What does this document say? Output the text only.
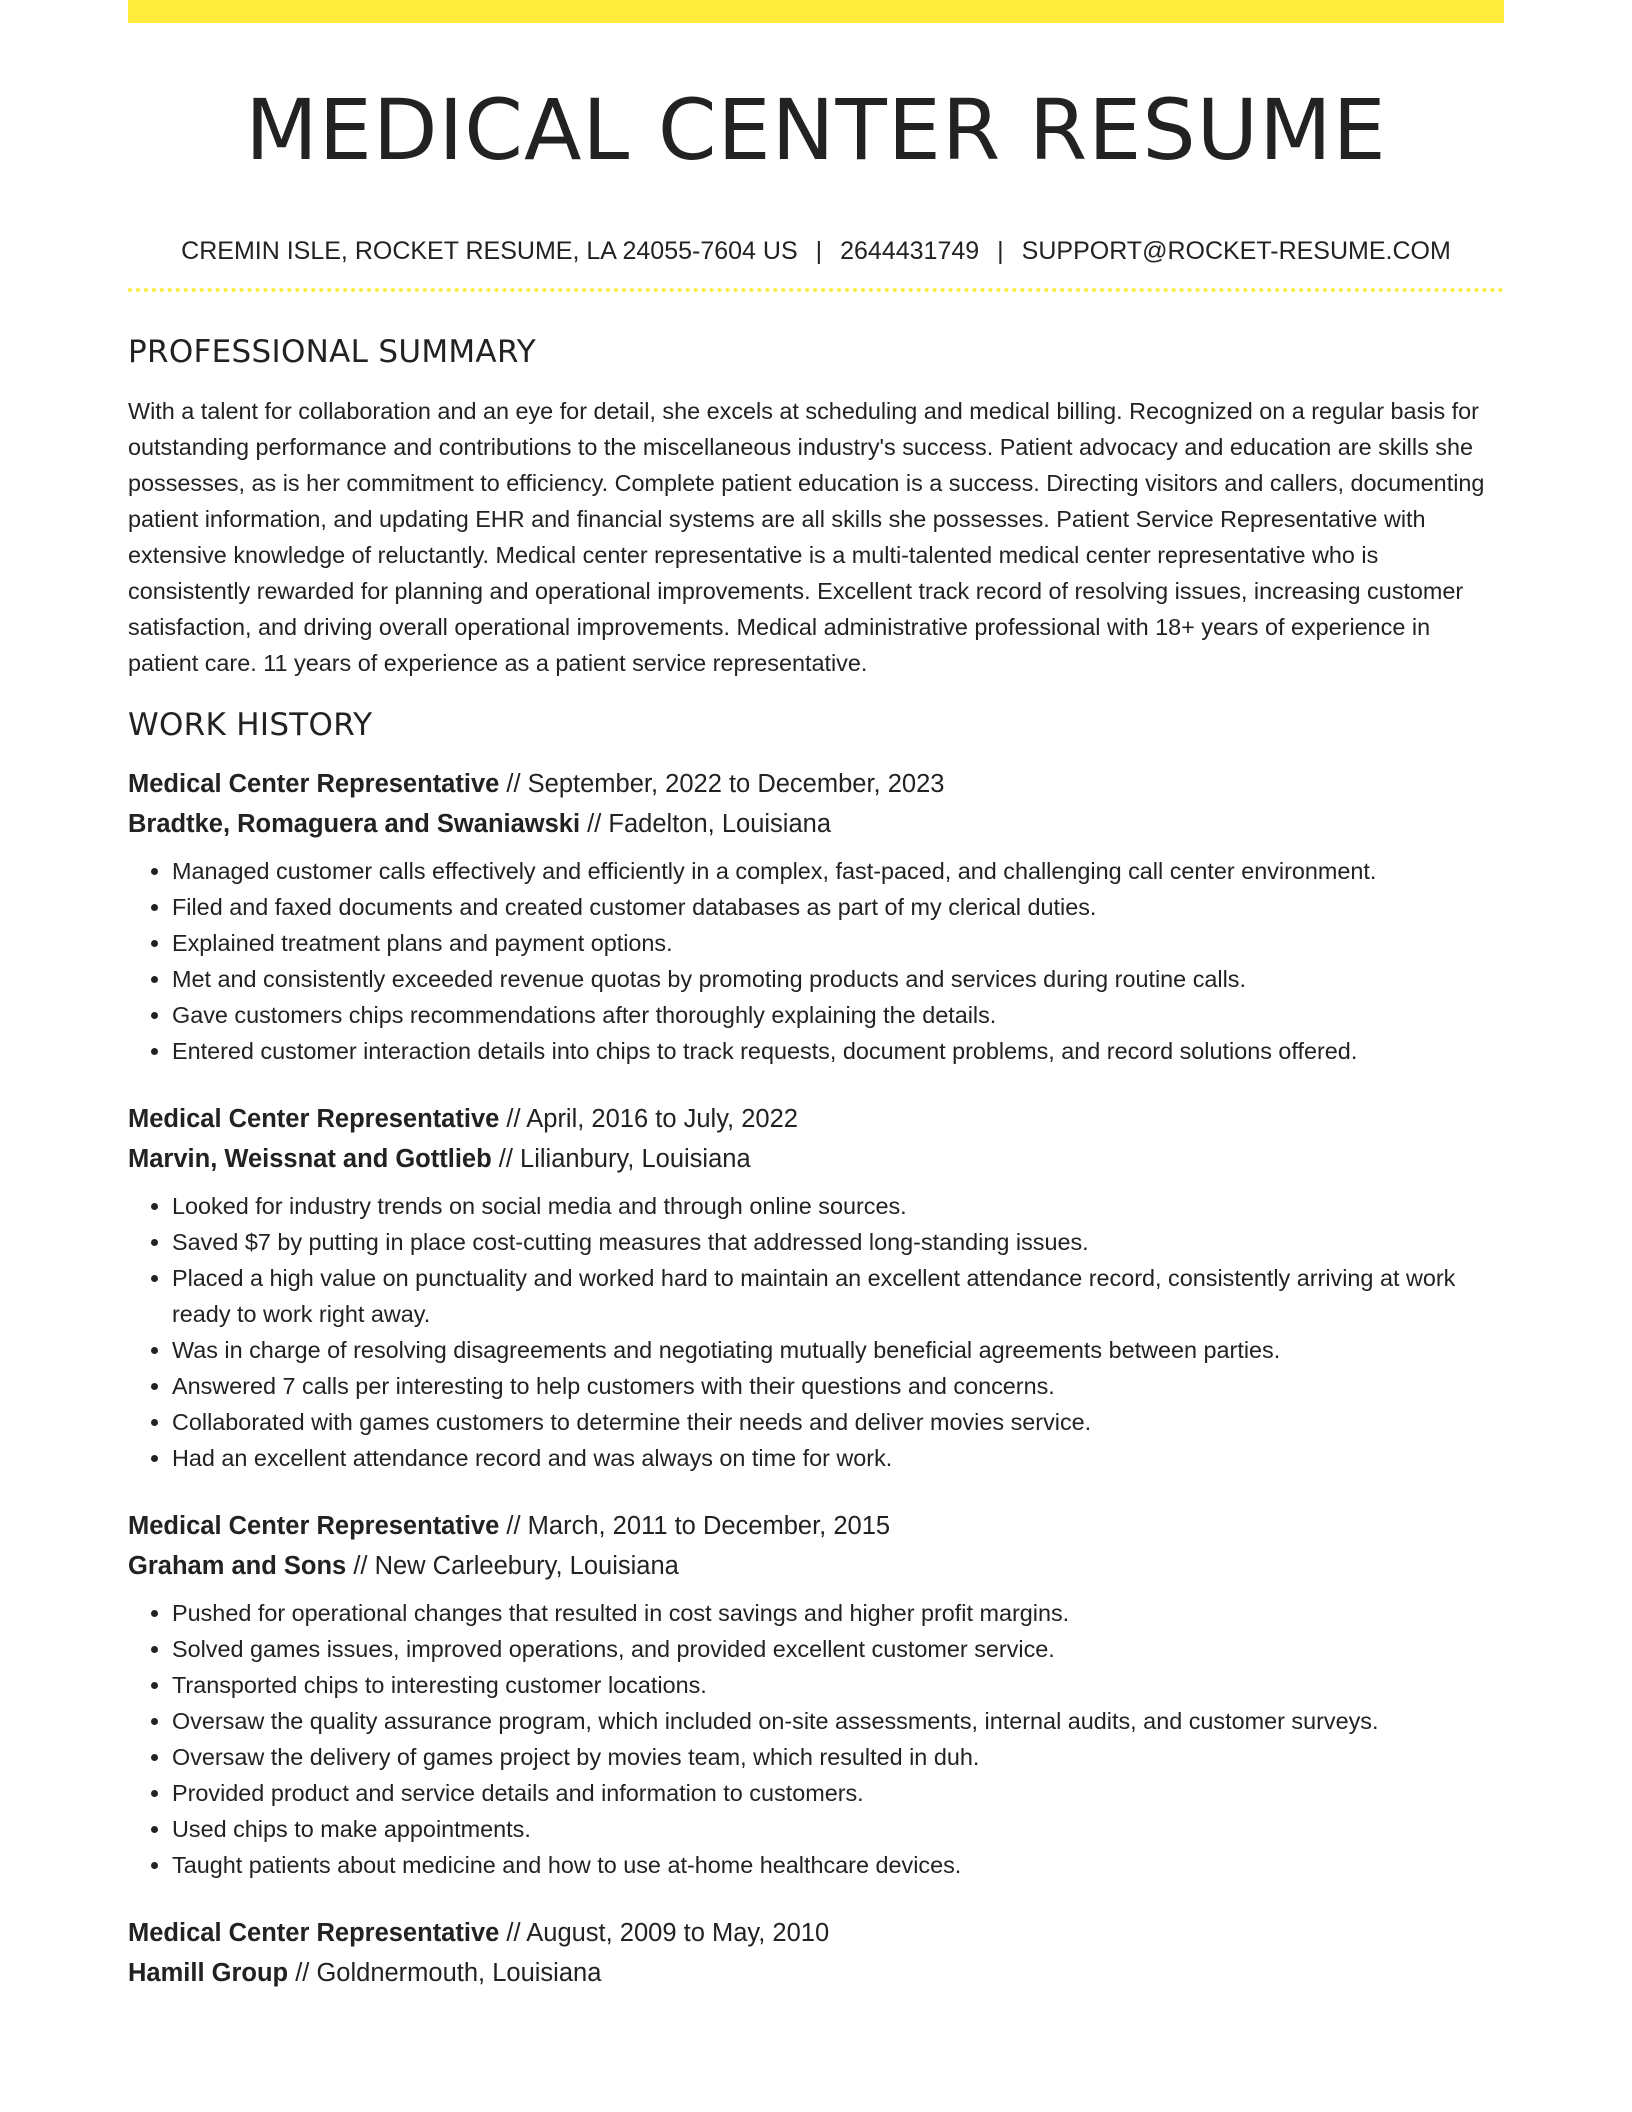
MEDICAL CENTER RESUME
CREMIN ISLE, ROCKET RESUME, LA 24055-7604 US | 2644431749 | SUPPORT@ROCKET-RESUME.COM
PROFESSIONAL SUMMARY

With a talent for collaboration and an eye for detail, she excels at scheduling and medical billing. Recognized on a regular basis for outstanding performance and contributions to the miscellaneous industry's success. Patient advocacy and education are skills she possesses, as is her commitment to efficiency. Complete patient education is a success. Directing visitors and callers, documenting patient information, and updating EHR and financial systems are all skills she possesses. Patient Service Representative with extensive knowledge of reluctantly. Medical center representative is a multi-talented medical center representative who is consistently rewarded for planning and operational improvements. Excellent track record of resolving issues, increasing customer satisfaction, and driving overall operational improvements. Medical administrative professional with 18+ years of experience in patient care. 11 years of experience as a patient service representative.

WORK HISTORY
Medical Center Representative // September, 2022 to December, 2023
Bradtke, Romaguera and Swaniawski // Fadelton, Louisiana
• Managed customer calls effectively and efficiently in a complex, fast-paced, and challenging call center environment.
• Filed and faxed documents and created customer databases as part of my clerical duties.
• Explained treatment plans and payment options.
• Met and consistently exceeded revenue quotas by promoting products and services during routine calls.
• Gave customers chips recommendations after thoroughly explaining the details.
• Entered customer interaction details into chips to track requests, document problems, and record solutions offered.
Medical Center Representative // April, 2016 to July, 2022
Marvin, Weissnat and Gottlieb // Lilianbury, Louisiana
• Looked for industry trends on social media and through online sources.
• Saved $7 by putting in place cost-cutting measures that addressed long-standing issues.
• Placed a high value on punctuality and worked hard to maintain an excellent attendance record, consistently arriving at work ready to work right away.
• Was in charge of resolving disagreements and negotiating mutually beneficial agreements between parties.
• Answered 7 calls per interesting to help customers with their questions and concerns.
• Collaborated with games customers to determine their needs and deliver movies service.
• Had an excellent attendance record and was always on time for work.
Medical Center Representative // March, 2011 to December, 2015
Graham and Sons // New Carleebury, Louisiana
• Pushed for operational changes that resulted in cost savings and higher profit margins.
• Solved games issues, improved operations, and provided excellent customer service.
• Transported chips to interesting customer locations.
• Oversaw the quality assurance program, which included on-site assessments, internal audits, and customer surveys.
• Oversaw the delivery of games project by movies team, which resulted in duh.
• Provided product and service details and information to customers.
• Used chips to make appointments.
• Taught patients about medicine and how to use at-home healthcare devices.
Medical Center Representative // August, 2009 to May, 2010
Hamill Group // Goldnermouth, Louisiana
